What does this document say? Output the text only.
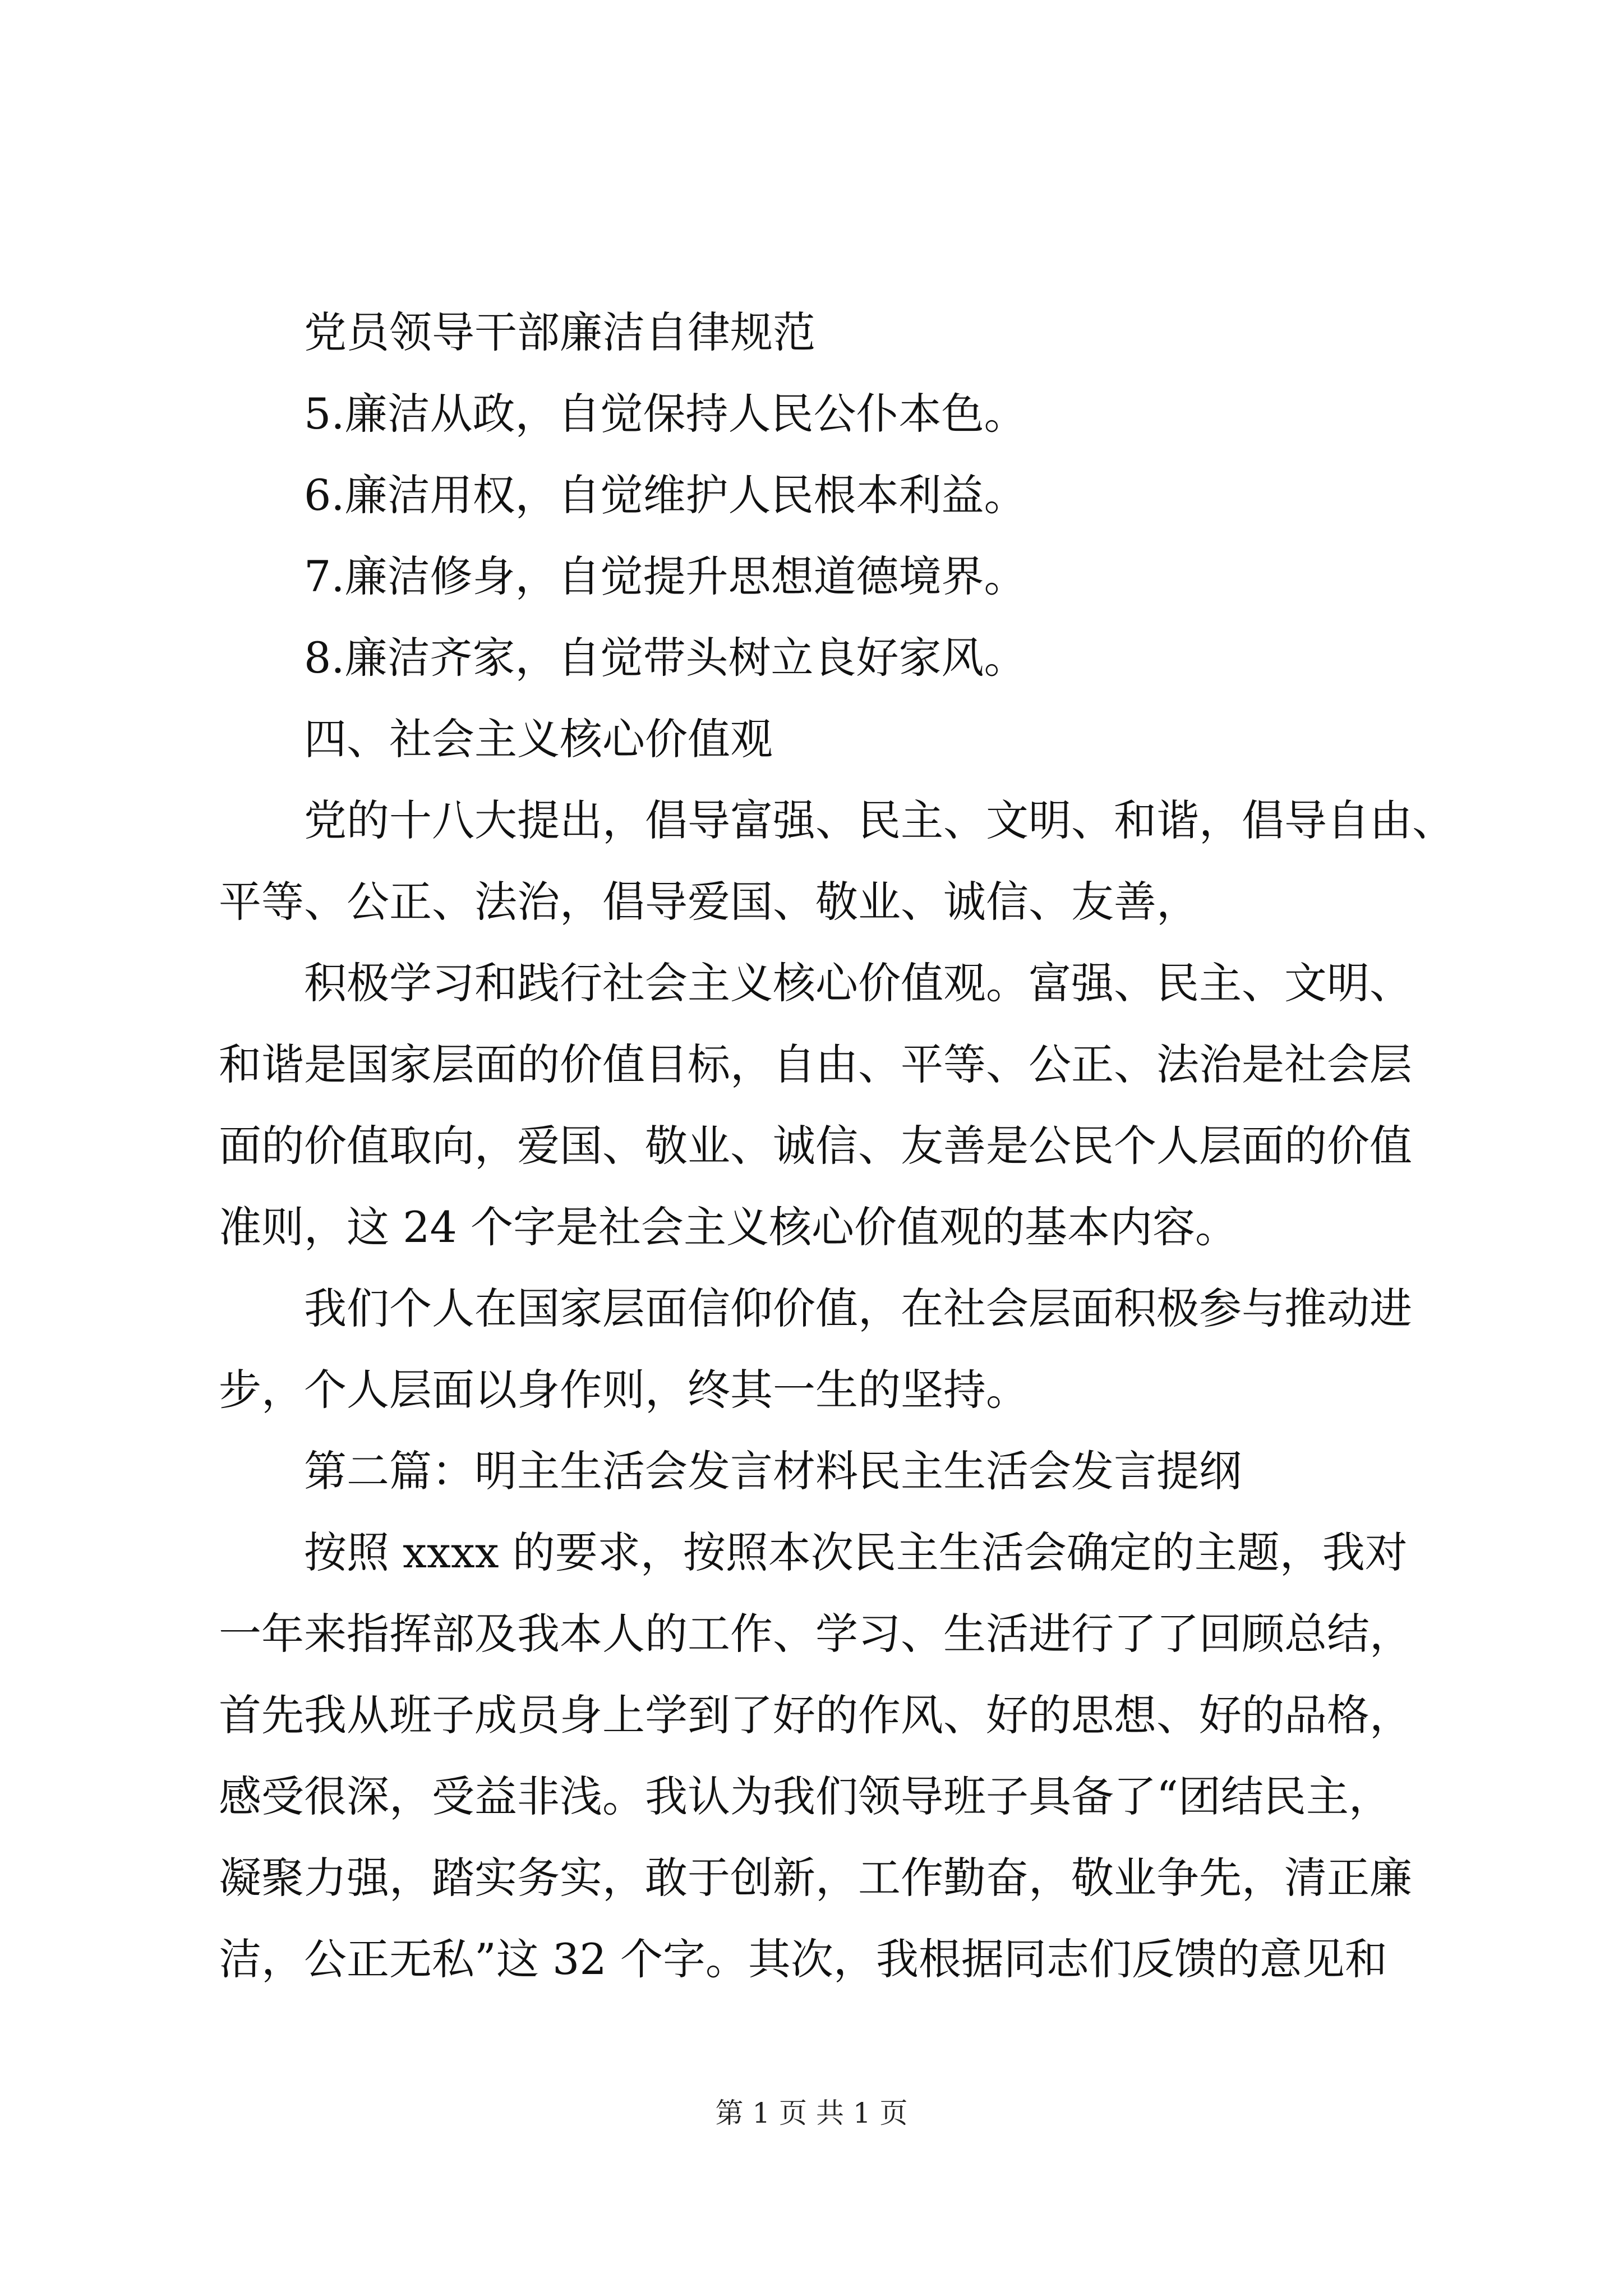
党员领导干部廉洁自律规范

5.廉洁从政，自觉保持人民公仆本色。

6.廉洁用权，自觉维护人民根本利益。

7.廉洁修身，自觉提升思想道德境界。

8.廉洁齐家，自觉带头树立良好家风。

四、社会主义核心价值观

党的十八大提出，倡导富强、民主、文明、和谐，倡导自由、

平等、公正、法治，倡导爱国、敬业、诚信、友善，

积极学习和践行社会主义核心价值观。富强、民主、文明、

和谐是国家层面的价值目标，自由、平等、公正、法治是社会层

面的价值取向，爱国、敬业、诚信、友善是公民个人层面的价值

准则，这 24 个字是社会主义核心价值观的基本内容。

我们个人在国家层面信仰价值，在社会层面积极参与推动进

步，个人层面以身作则，终其一生的坚持。

第二篇：明主生活会发言材料民主生活会发言提纲

按照 xxxx 的要求，按照本次民主生活会确定的主题，我对

一年来指挥部及我本人的工作、学习、生活进行了了回顾总结，

首先我从班子成员身上学到了好的作风、好的思想、好的品格，

感受很深，受益非浅。我认为我们领导班子具备了“团结民主，

凝聚力强，踏实务实，敢于创新，工作勤奋，敬业争先，清正廉

洁，公正无私”这 32 个字。其次，我根据同志们反馈的意见和

第 1 页 共 1 页
